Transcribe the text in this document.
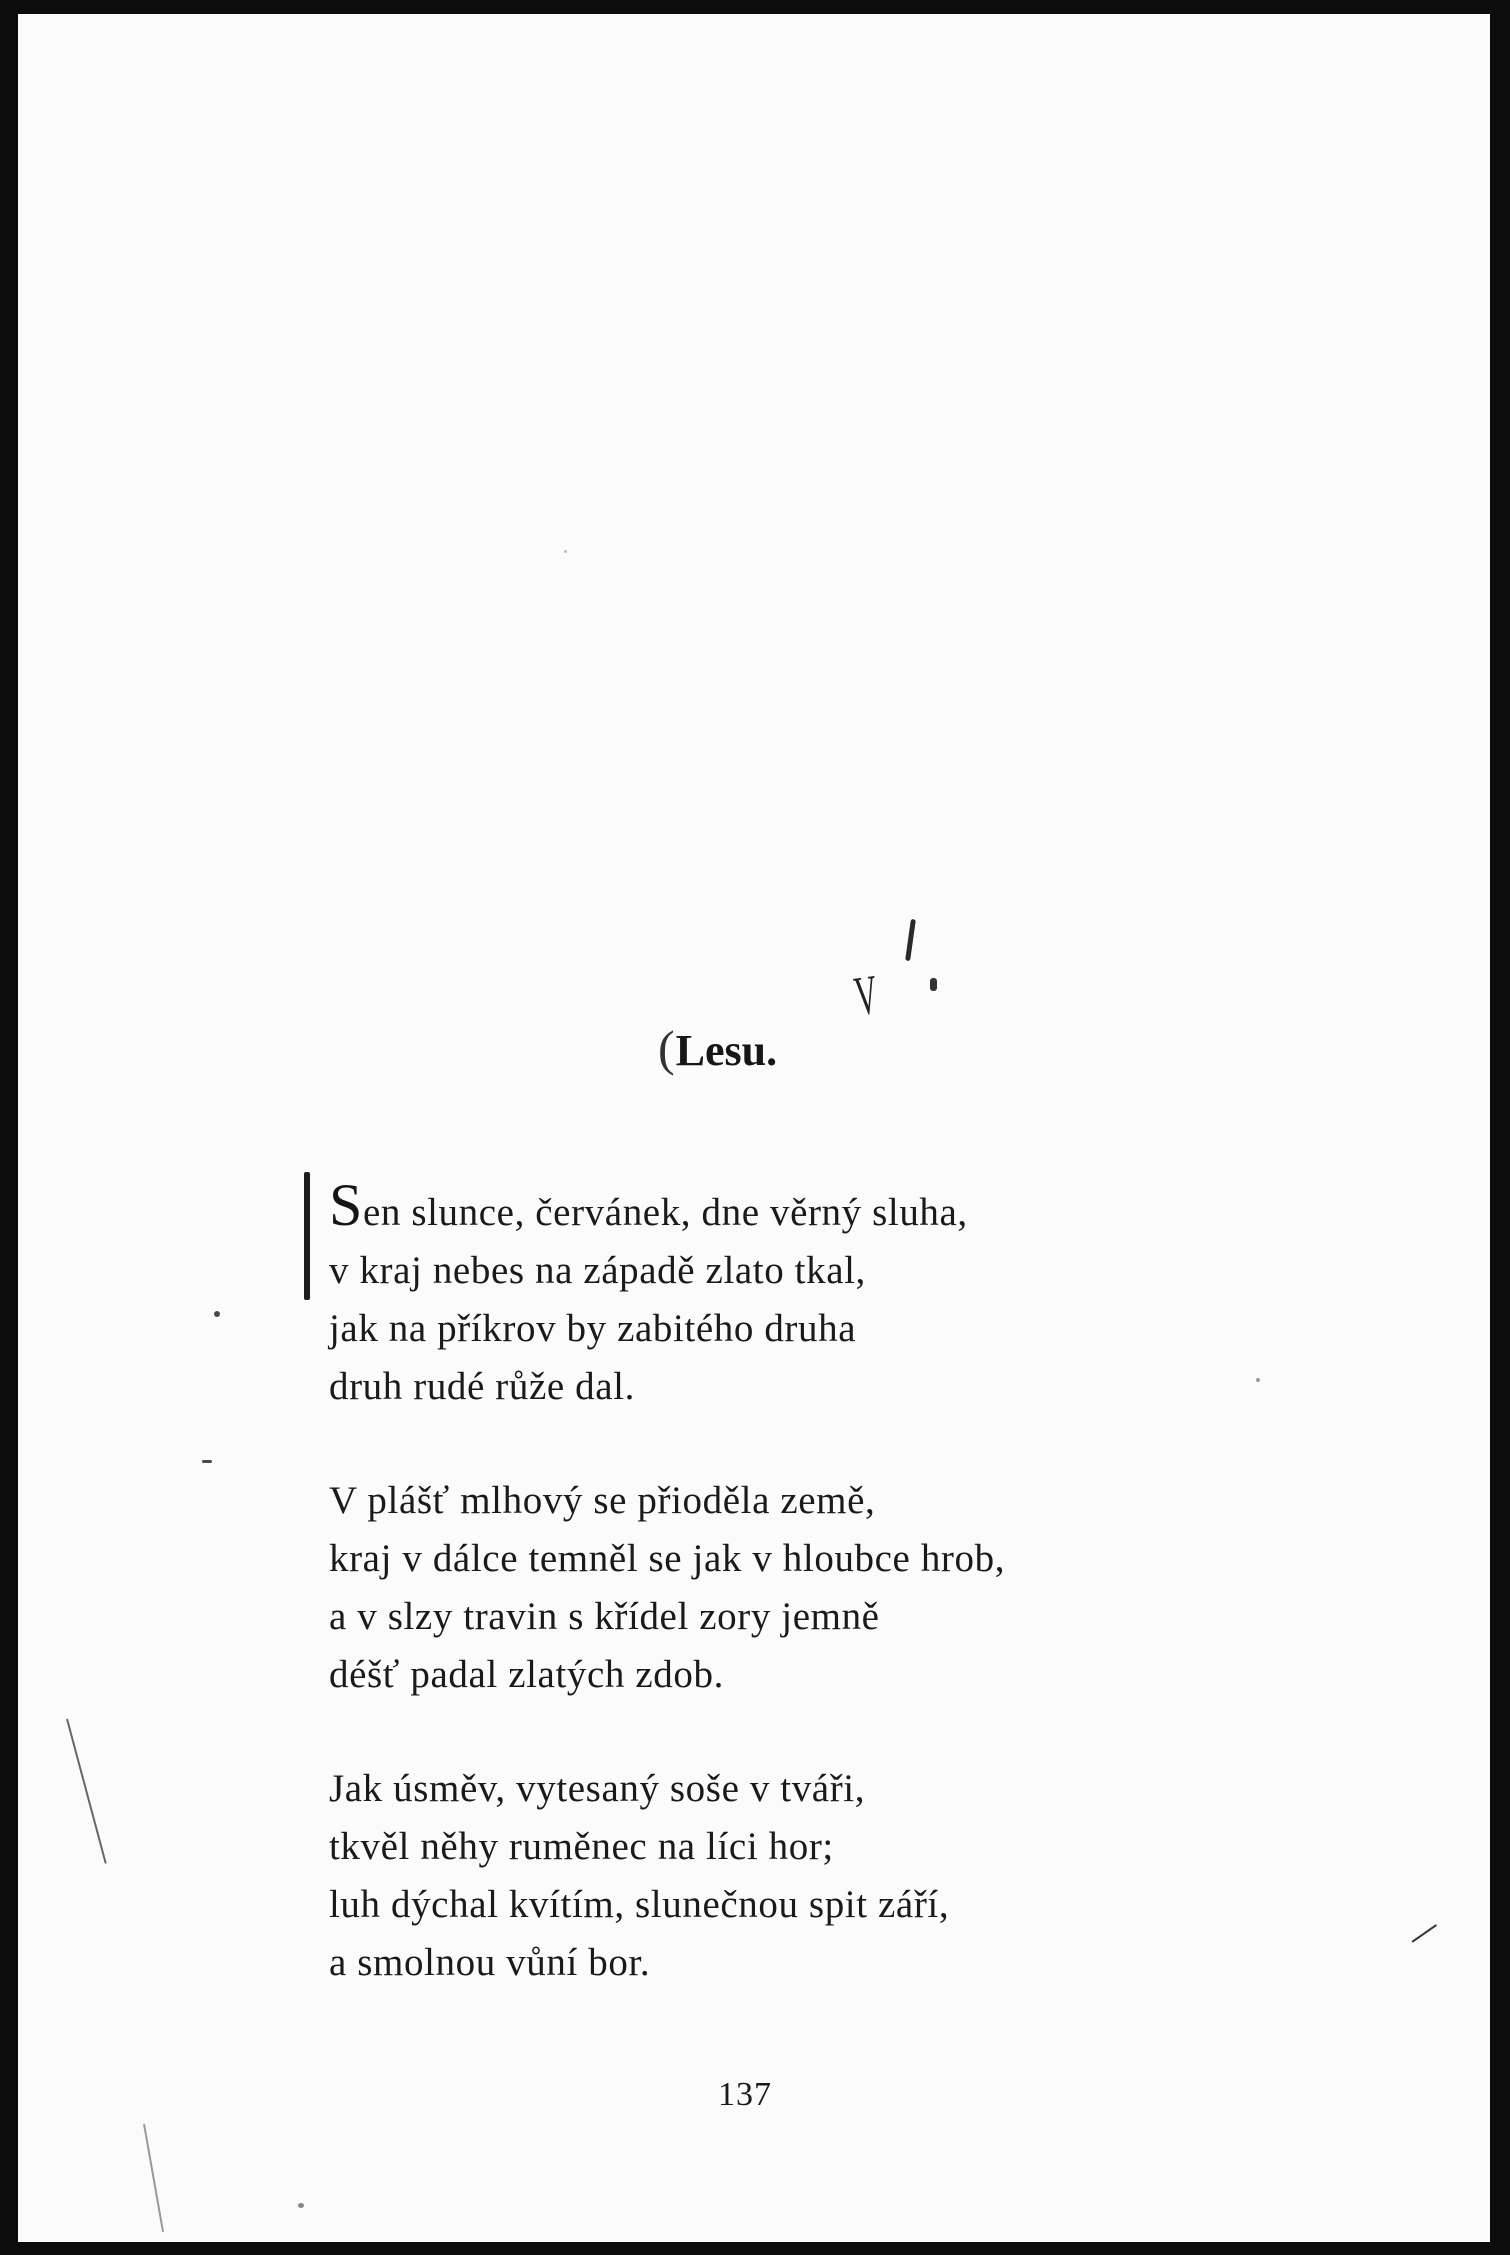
(Lesu.
V
Sen slunce, červánek, dne věrný sluha,
v kraj nebes na západě zlato tkal,
jak na příkrov by zabitého druha
druh rudé růže dal.
V plášť mlhový se přioděla země,
kraj v dálce temněl se jak v hloubce hrob,
a v slzy travin s křídel zory jemně
déšť padal zlatých zdob.
Jak úsměv, vytesaný soše v tváři,
tkvěl něhy ruměnec na líci hor;
luh dýchal kvítím, slunečnou spit září,
a smolnou vůní bor.

137
